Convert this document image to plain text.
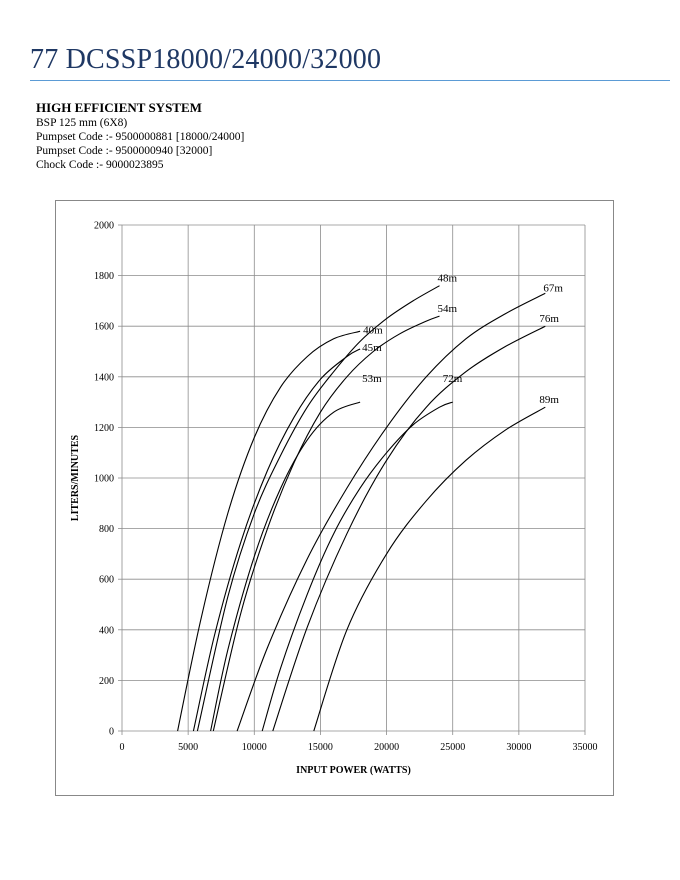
77 DCSSP18000/24000/32000
HIGH EFFICIENT SYSTEM
BSP 125 mm (6X8)
Pumpset Code :- 9500000881 [18000/24000]
Pumpset Code :- 9500000940 [32000]
Chock Code :- 9000023895
0
200
400
600
800
1000
1200
1400
1600
1800
2000
0	5000	10000	15000	20000	25000	30000	35000
40m
45m
53m
48m
54m
67m
72m
76m
89m
INPUT POWER (WATTS)
LITERS/MINUTES
